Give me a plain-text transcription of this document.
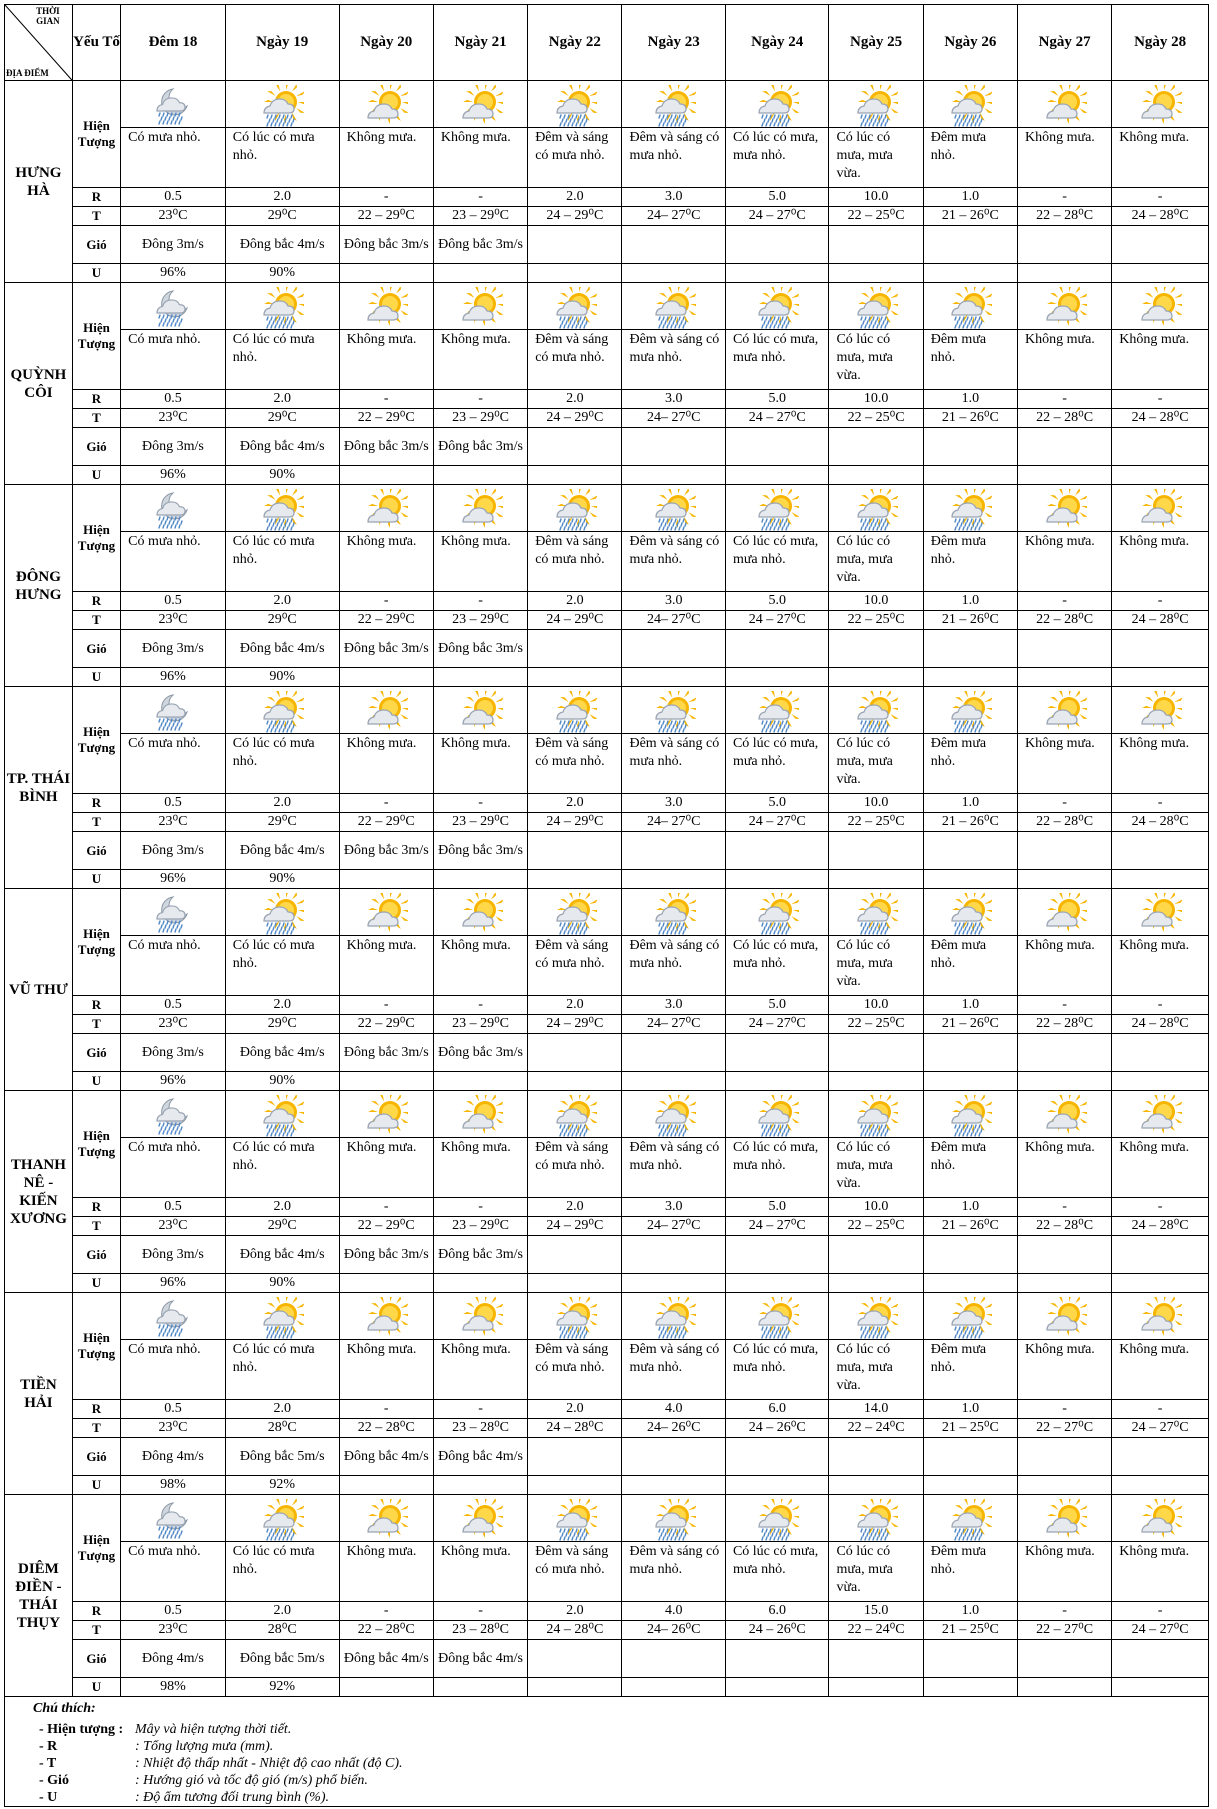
THỜI GIAN
ĐỊA ĐIỂM	Yếu Tố	Đêm 18	Ngày 19	Ngày 20	Ngày 21	Ngày 22	Ngày 23	Ngày 24	Ngày 25	Ngày 26	Ngày 27	Ngày 28
HƯNG HÀ	Hiện Tượng	

		Có mưa nhỏ.	Có lúc có mưa nhỏ.	Không mưa.	Không mưa.	Đêm và sáng có mưa nhỏ.	Đêm và sáng có mưa nhỏ.	Có lúc có mưa, mưa nhỏ.	Có lúc có mưa, mưa vừa.	Đêm mưa nhỏ.	Không mưa.	Không mưa.
	R	0.5	2.0	-	-	2.0	3.0	5.0	10.0	1.0	-	-
	T	23⁰C	29⁰C	22 – 29⁰C	23 – 29⁰C	24 – 29⁰C	24– 27⁰C	24 – 27⁰C	22 – 25⁰C	21 – 26⁰C	22 – 28⁰C	24 – 28⁰C
	Gió	Đông 3m/s	Đông bắc 4m/s	Đông bắc 3m/s	Đông bắc 3m/s							
	U	96%	90%									
QUỲNH CÔI	Hiện Tượng	

		Có mưa nhỏ.	Có lúc có mưa nhỏ.	Không mưa.	Không mưa.	Đêm và sáng có mưa nhỏ.	Đêm và sáng có mưa nhỏ.	Có lúc có mưa, mưa nhỏ.	Có lúc có mưa, mưa vừa.	Đêm mưa nhỏ.	Không mưa.	Không mưa.
	R	0.5	2.0	-	-	2.0	3.0	5.0	10.0	1.0	-	-
	T	23⁰C	29⁰C	22 – 29⁰C	23 – 29⁰C	24 – 29⁰C	24– 27⁰C	24 – 27⁰C	22 – 25⁰C	21 – 26⁰C	22 – 28⁰C	24 – 28⁰C
	Gió	Đông 3m/s	Đông bắc 4m/s	Đông bắc 3m/s	Đông bắc 3m/s							
	U	96%	90%									
ĐÔNG HƯNG	Hiện Tượng	

		Có mưa nhỏ.	Có lúc có mưa nhỏ.	Không mưa.	Không mưa.	Đêm và sáng có mưa nhỏ.	Đêm và sáng có mưa nhỏ.	Có lúc có mưa, mưa nhỏ.	Có lúc có mưa, mưa vừa.	Đêm mưa nhỏ.	Không mưa.	Không mưa.
	R	0.5	2.0	-	-	2.0	3.0	5.0	10.0	1.0	-	-
	T	23⁰C	29⁰C	22 – 29⁰C	23 – 29⁰C	24 – 29⁰C	24– 27⁰C	24 – 27⁰C	22 – 25⁰C	21 – 26⁰C	22 – 28⁰C	24 – 28⁰C
	Gió	Đông 3m/s	Đông bắc 4m/s	Đông bắc 3m/s	Đông bắc 3m/s							
	U	96%	90%									
TP. THÁI BÌNH	Hiện Tượng	

		Có mưa nhỏ.	Có lúc có mưa nhỏ.	Không mưa.	Không mưa.	Đêm và sáng có mưa nhỏ.	Đêm và sáng có mưa nhỏ.	Có lúc có mưa, mưa nhỏ.	Có lúc có mưa, mưa vừa.	Đêm mưa nhỏ.	Không mưa.	Không mưa.
	R	0.5	2.0	-	-	2.0	3.0	5.0	10.0	1.0	-	-
	T	23⁰C	29⁰C	22 – 29⁰C	23 – 29⁰C	24 – 29⁰C	24– 27⁰C	24 – 27⁰C	22 – 25⁰C	21 – 26⁰C	22 – 28⁰C	24 – 28⁰C
	Gió	Đông 3m/s	Đông bắc 4m/s	Đông bắc 3m/s	Đông bắc 3m/s							
	U	96%	90%									
VŨ THƯ	Hiện Tượng	

		Có mưa nhỏ.	Có lúc có mưa nhỏ.	Không mưa.	Không mưa.	Đêm và sáng có mưa nhỏ.	Đêm và sáng có mưa nhỏ.	Có lúc có mưa, mưa nhỏ.	Có lúc có mưa, mưa vừa.	Đêm mưa nhỏ.	Không mưa.	Không mưa.
	R	0.5	2.0	-	-	2.0	3.0	5.0	10.0	1.0	-	-
	T	23⁰C	29⁰C	22 – 29⁰C	23 – 29⁰C	24 – 29⁰C	24– 27⁰C	24 – 27⁰C	22 – 25⁰C	21 – 26⁰C	22 – 28⁰C	24 – 28⁰C
	Gió	Đông 3m/s	Đông bắc 4m/s	Đông bắc 3m/s	Đông bắc 3m/s							
	U	96%	90%									
THANH NÊ - KIẾN XƯƠNG	Hiện Tượng	

		Có mưa nhỏ.	Có lúc có mưa nhỏ.	Không mưa.	Không mưa.	Đêm và sáng có mưa nhỏ.	Đêm và sáng có mưa nhỏ.	Có lúc có mưa, mưa nhỏ.	Có lúc có mưa, mưa vừa.	Đêm mưa nhỏ.	Không mưa.	Không mưa.
	R	0.5	2.0	-	-	2.0	3.0	5.0	10.0	1.0	-	-
	T	23⁰C	29⁰C	22 – 29⁰C	23 – 29⁰C	24 – 29⁰C	24– 27⁰C	24 – 27⁰C	22 – 25⁰C	21 – 26⁰C	22 – 28⁰C	24 – 28⁰C
	Gió	Đông 3m/s	Đông bắc 4m/s	Đông bắc 3m/s	Đông bắc 3m/s							
	U	96%	90%									
TIỀN HẢI	Hiện Tượng	

		Có mưa nhỏ.	Có lúc có mưa nhỏ.	Không mưa.	Không mưa.	Đêm và sáng có mưa nhỏ.	Đêm và sáng có mưa nhỏ.	Có lúc có mưa, mưa nhỏ.	Có lúc có mưa, mưa vừa.	Đêm mưa nhỏ.	Không mưa.	Không mưa.
	R	0.5	2.0	-	-	2.0	4.0	6.0	14.0	1.0	-	-
	T	23⁰C	28⁰C	22 – 28⁰C	23 – 28⁰C	24 – 28⁰C	24– 26⁰C	24 – 26⁰C	22 – 24⁰C	21 – 25⁰C	22 – 27⁰C	24 – 27⁰C
	Gió	Đông 4m/s	Đông bắc 5m/s	Đông bắc 4m/s	Đông bắc 4m/s							
	U	98%	92%									
DIÊM ĐIỀN - THÁI THỤY	Hiện Tượng	

		Có mưa nhỏ.	Có lúc có mưa nhỏ.	Không mưa.	Không mưa.	Đêm và sáng có mưa nhỏ.	Đêm và sáng có mưa nhỏ.	Có lúc có mưa, mưa nhỏ.	Có lúc có mưa, mưa vừa.	Đêm mưa nhỏ.	Không mưa.	Không mưa.
	R	0.5	2.0	-	-	2.0	4.0	6.0	15.0	1.0	-	-
	T	23⁰C	28⁰C	22 – 28⁰C	23 – 28⁰C	24 – 28⁰C	24– 26⁰C	24 – 26⁰C	22 – 24⁰C	21 – 25⁰C	22 – 27⁰C	24 – 27⁰C
	Gió	Đông 4m/s	Đông bắc 5m/s	Đông bắc 4m/s	Đông bắc 4m/s							
	U	98%	92%									
Chú thích:
- Hiện tượng : Mây và hiện tượng thời tiết.
- R	: Tổng lượng mưa (mm).
- T	: Nhiệt độ thấp nhất - Nhiệt độ cao nhất (độ C).
- Gió	: Hướng gió và tốc độ gió (m/s) phổ biến.
- U	: Độ ẩm tương đối trung bình (%).
